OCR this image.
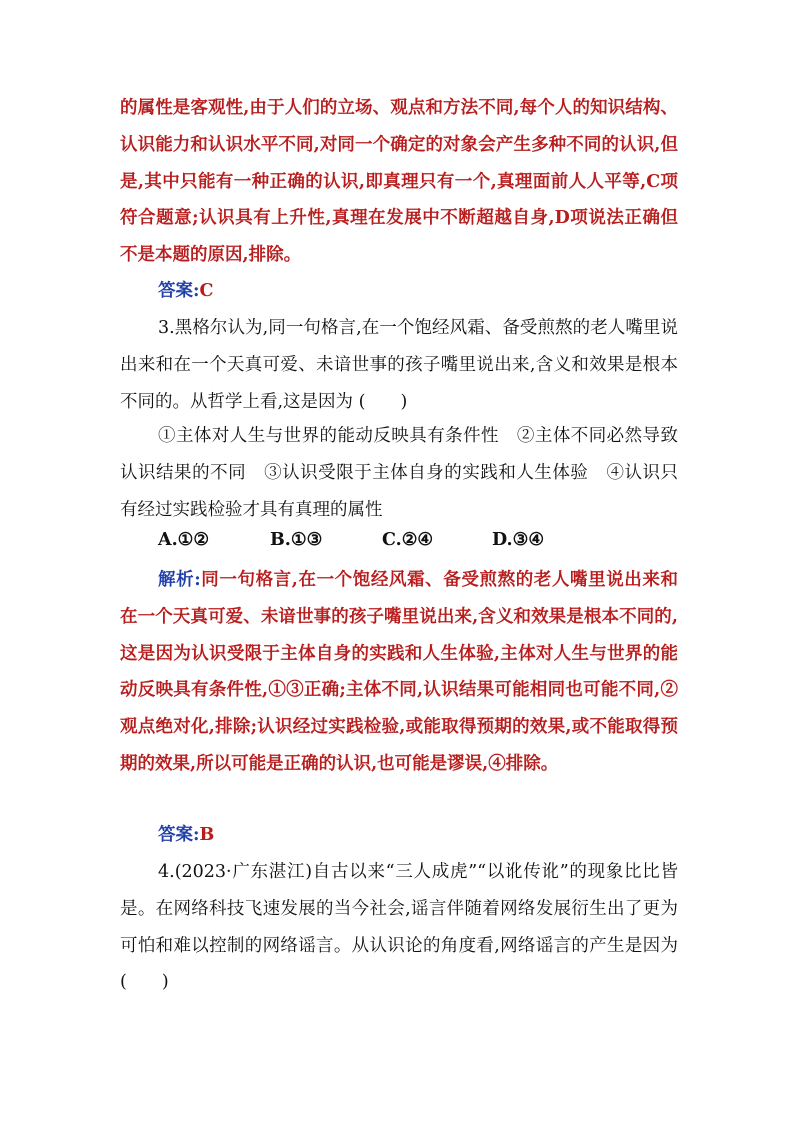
的属性是客观性,由于人们的立场、观点和方法不同,每个人的知识结构、认识能力和认识水平不同,对同一个确定的对象会产生多种不同的认识,但是,其中只能有一种正确的认识,即真理只有一个,真理面前人人平等,C项符合题意;认识具有上升性,真理在发展中不断超越自身,D项说法正确但不是本题的原因,排除。
答案:C
3.黑格尔认为,同一句格言,在一个饱经风霜、备受煎熬的老人嘴里说出来和在一个天真可爱、未谙世事的孩子嘴里说出来,含义和效果是根本不同的。从哲学上看,这是因为 (　　)
①主体对人生与世界的能动反映具有条件性　②主体不同必然导致认识结果的不同　③认识受限于主体自身的实践和人生体验　④认识只有经过实践检验才具有真理的属性
A.①②	B.①③	C.②④	D.③④
解析:同一句格言,在一个饱经风霜、备受煎熬的老人嘴里说出来和在一个天真可爱、未谙世事的孩子嘴里说出来,含义和效果是根本不同的,这是因为认识受限于主体自身的实践和人生体验,主体对人生与世界的能动反映具有条件性,①③正确;主体不同,认识结果可能相同也可能不同,②观点绝对化,排除;认识经过实践检验,或能取得预期的效果,或不能取得预期的效果,所以可能是正确的认识,也可能是谬误,④排除。
答案:B
4.(2023·广东湛江)自古以来“三人成虎”“以讹传讹”的现象比比皆是。在网络科技飞速发展的当今社会,谣言伴随着网络发展衍生出了更为可怕和难以控制的网络谣言。从认识论的角度看,网络谣言的产生是因为 (　　)
